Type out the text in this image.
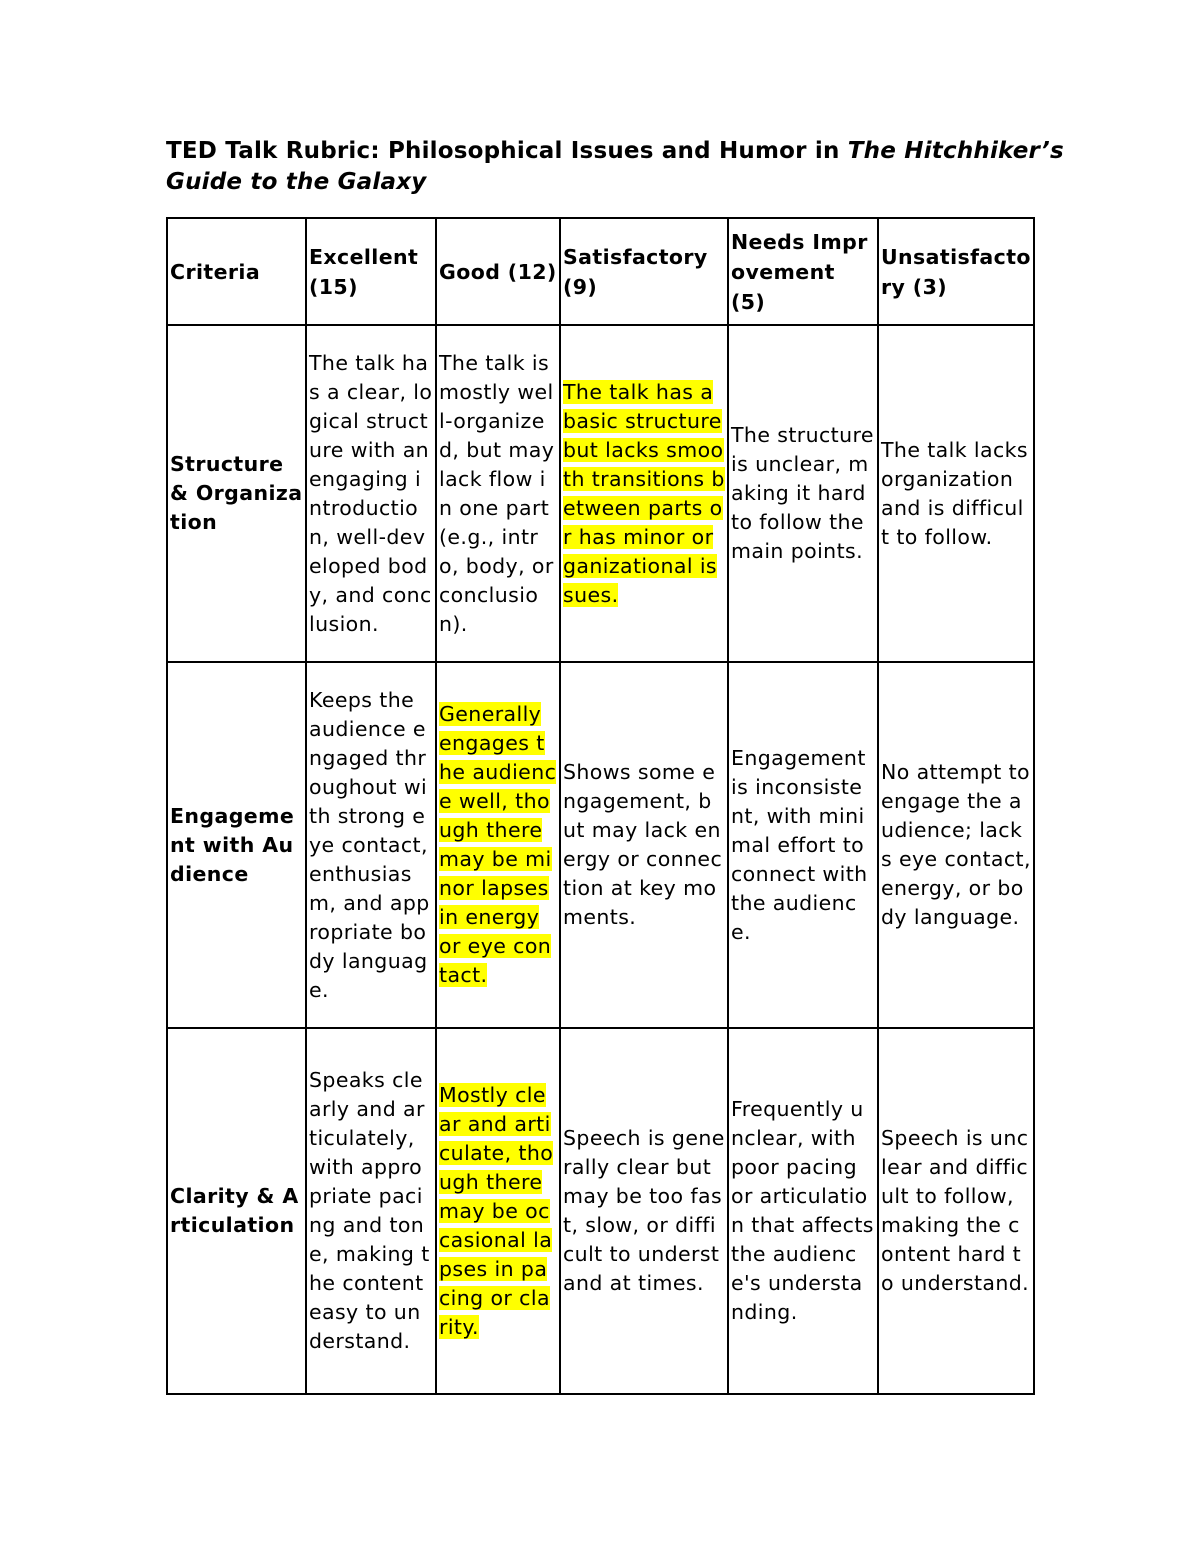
TED Talk Rubric: Philosophical Issues and Humor in The Hitchhiker’s Guide to the Galaxy
Criteria	Excellent (15)	Good (12)	Satisfactory (9)	Needs Improvement (5)	Unsatisfactory (3)
Structure & Organization	The talk has a clear, logical structure with an engaging introduction, well-developed body, and conclusion.	The talk is mostly well-organized, but may lack flow in one part (e.g., intro, body, or conclusion).	The talk has a basic structure but lacks smooth transitions between parts or has minor organizational issues.	The structure is unclear, making it hard to follow the main points.	The talk lacks organization and is difficult to follow.

Engagement with Audience	Keeps the audience engaged throughout with strong eye contact, enthusiasm, and appropriate body language.	Generally engages the audience well, though there may be minor lapses in energy or eye contact.	Shows some engagement, but may lack energy or connection at key moments.	Engagement is inconsistent, with minimal effort to connect with the audience.	No attempt to engage the audience; lacks eye contact, energy, or body language.

Clarity & Articulation	Speaks clearly and articulately, with appropriate pacing and tone, making the content easy to understand.	Mostly clear and articulate, though there may be occasional lapses in pacing or clarity.	Speech is generally clear but may be too fast, slow, or difficult to understand at times.	Frequently unclear, with poor pacing or articulation that affects the audience's understanding.	Speech is unclear and difficult to follow, making the content hard to understand.
